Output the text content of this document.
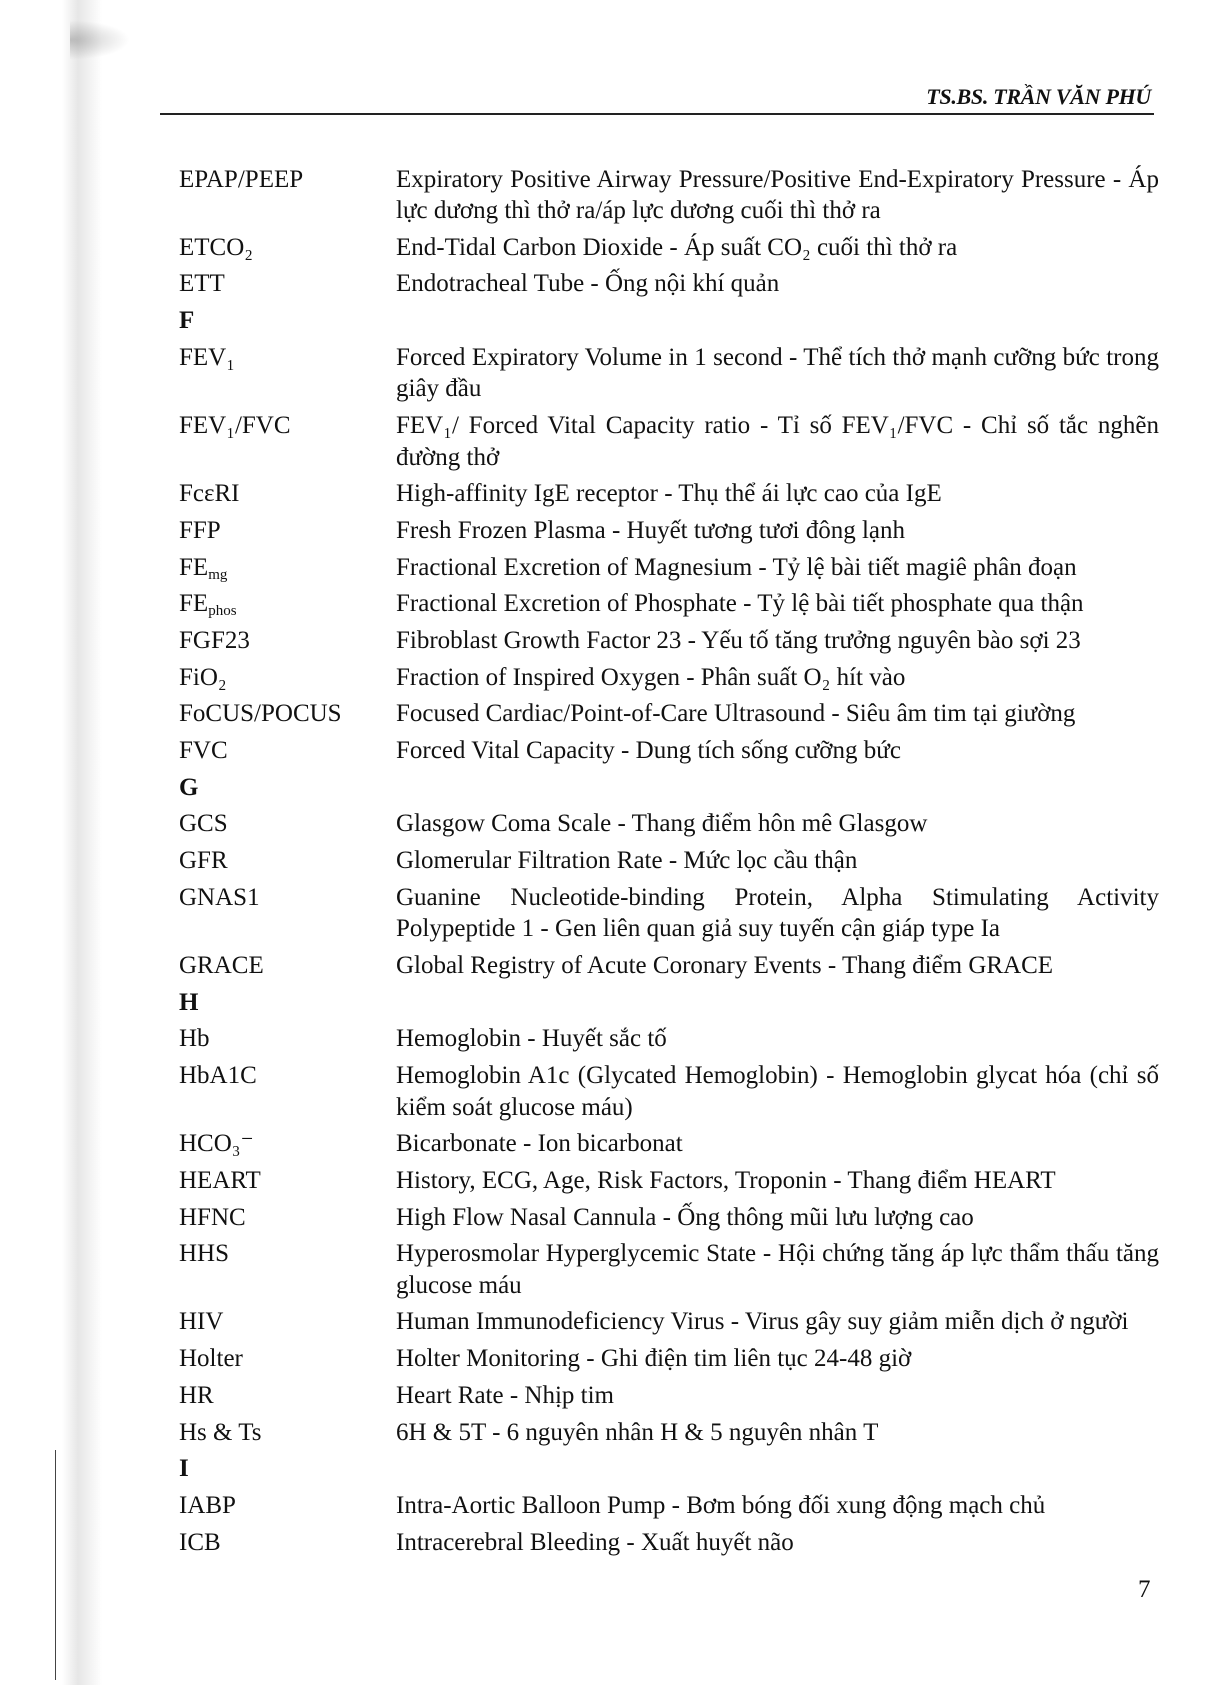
TS.BS. TRẦN VĂN PHÚ
EPAP/PEEP	Expiratory Positive Airway Pressure/Positive End-Expiratory Pressure - Áp lực dương thì thở ra/áp lực dương cuối thì thở ra
ETCO₂	End-Tidal Carbon Dioxide - Áp suất CO₂ cuối thì thở ra
ETT	Endotracheal Tube - Ống nội khí quản
F
FEV₁	Forced Expiratory Volume in 1 second - Thể tích thở mạnh cưỡng bức trong giây đầu
FEV₁/FVC	FEV₁/ Forced Vital Capacity ratio - Tỉ số FEV₁/FVC - Chỉ số tắc nghẽn đường thở
FcεRI	High-affinity IgE receptor - Thụ thể ái lực cao của IgE
FFP	Fresh Frozen Plasma - Huyết tương tươi đông lạnh
$FE_{mg}$	Fractional Excretion of Magnesium - Tỷ lệ bài tiết magiê phân đoạn
$FE_{phos}$	Fractional Excretion of Phosphate - Tỷ lệ bài tiết phosphate qua thận
FGF23	Fibroblast Growth Factor 23 - Yếu tố tăng trưởng nguyên bào sợi 23
FiO₂	Fraction of Inspired Oxygen - Phân suất O₂ hít vào
FoCUS/POCUS	Focused Cardiac/Point-of-Care Ultrasound - Siêu âm tim tại giường
FVC	Forced Vital Capacity - Dung tích sống cưỡng bức
G
GCS	Glasgow Coma Scale - Thang điểm hôn mê Glasgow
GFR	Glomerular Filtration Rate - Mức lọc cầu thận
GNAS1	Guanine Nucleotide-binding Protein, Alpha Stimulating Activity Polypeptide 1 - Gen liên quan giả suy tuyến cận giáp type Ia
GRACE	Global Registry of Acute Coronary Events - Thang điểm GRACE
H
Hb	Hemoglobin - Huyết sắc tố
HbA1C	Hemoglobin A1c (Glycated Hemoglobin) - Hemoglobin glycat hóa (chỉ số kiểm soát glucose máu)
HCO₃⁻	Bicarbonate - Ion bicarbonat
HEART	History, ECG, Age, Risk Factors, Troponin - Thang điểm HEART
HFNC	High Flow Nasal Cannula - Ống thông mũi lưu lượng cao
HHS	Hyperosmolar Hyperglycemic State - Hội chứng tăng áp lực thẩm thấu tăng glucose máu
HIV	Human Immunodeficiency Virus - Virus gây suy giảm miễn dịch ở người
Holter	Holter Monitoring - Ghi điện tim liên tục 24-48 giờ
HR	Heart Rate - Nhịp tim
Hs & Ts	6H & 5T - 6 nguyên nhân H & 5 nguyên nhân T
I
IABP	Intra-Aortic Balloon Pump - Bơm bóng đối xung động mạch chủ
ICB	Intracerebral Bleeding - Xuất huyết não
7
